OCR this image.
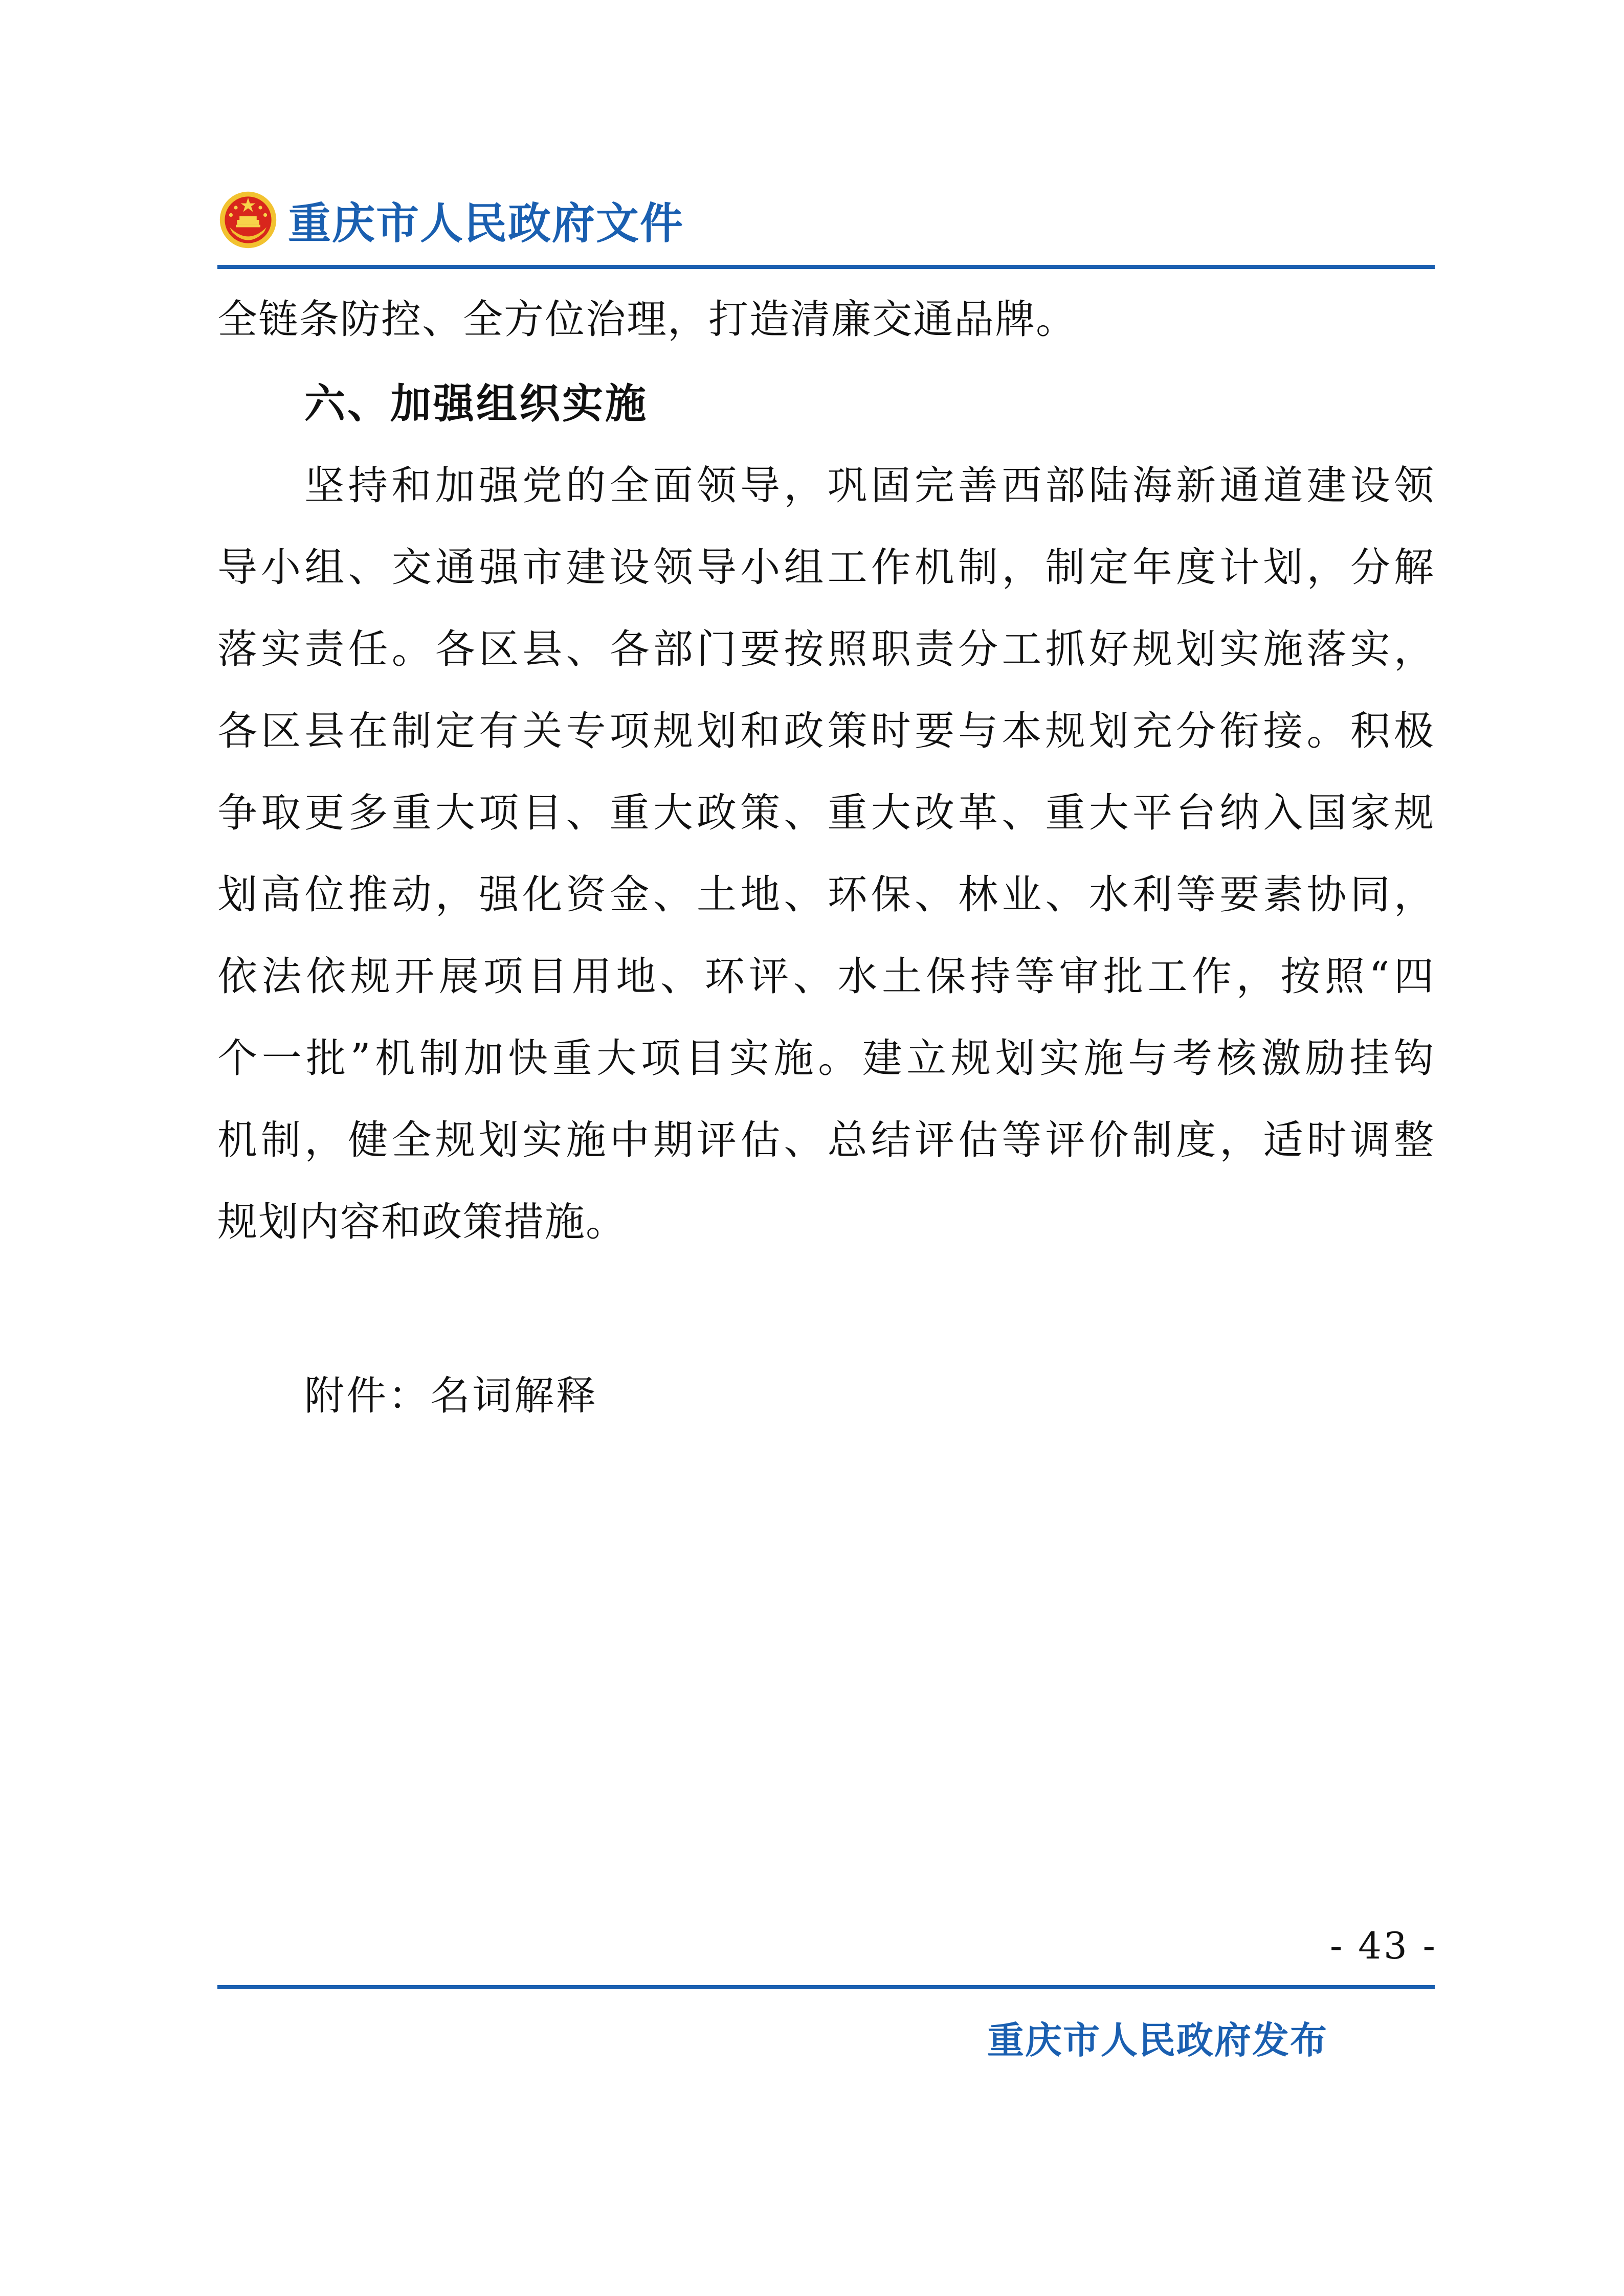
重庆市人民政府文件
全链条防控、全方位治理，打造清廉交通品牌。
六、加强组织实施
坚持和加强党的全面领导，巩固完善西部陆海新通道建设领
导小组、交通强市建设领导小组工作机制，制定年度计划，分解
落实责任。各区县、各部门要按照职责分工抓好规划实施落实，
各区县在制定有关专项规划和政策时要与本规划充分衔接。积极
争取更多重大项目、重大政策、重大改革、重大平台纳入国家规
划高位推动，强化资金、土地、环保、林业、水利等要素协同，
依法依规开展项目用地、环评、水土保持等审批工作，按照“四
个一批”机制加快重大项目实施。建立规划实施与考核激励挂钩
机制，健全规划实施中期评估、总结评估等评价制度，适时调整
规划内容和政策措施。
附件：名词解释
- 43 -
重庆市人民政府发布
